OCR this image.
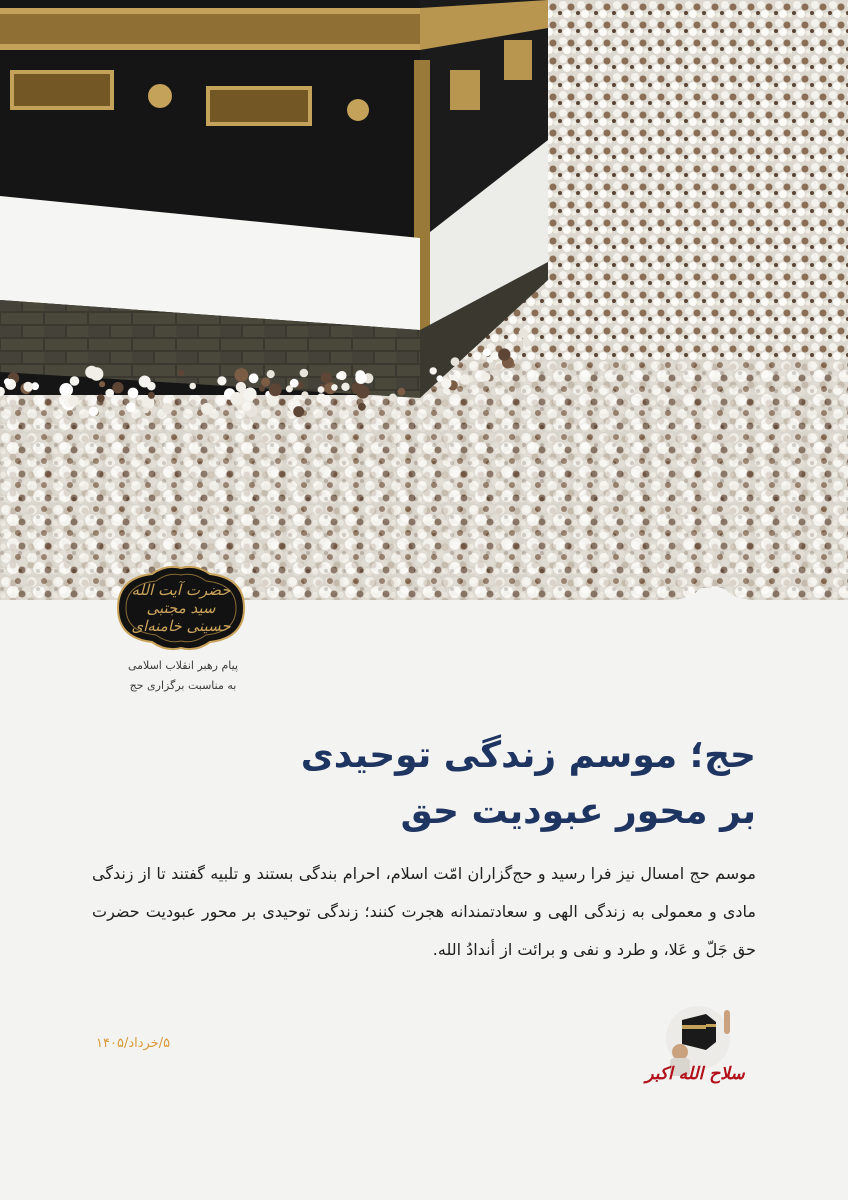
حضرت آیت الله سید مجتبی حسینی خامنه‌ای
پیام رهبر انقلاب اسلامی
به مناسبت برگزاری حج
حج؛ موسم زندگی توحیدی
بر محور عبودیت حق
موسم حج امسال نیز فرا رسید و حج‌گزاران امّت اسلام، احرام بندگی بستند و تلبیه گفتند تا از زندگی مادی و معمولی به زندگی الهی و سعادتمندانه هجرت کنند؛ زندگی توحیدی بر محور عبودیت حضرت حق جَلّ و عَلا، و طرد و نفی و برائت از أندادُ الله.
۵/خرداد/۱۴۰۵
سلاح الله اکبر
